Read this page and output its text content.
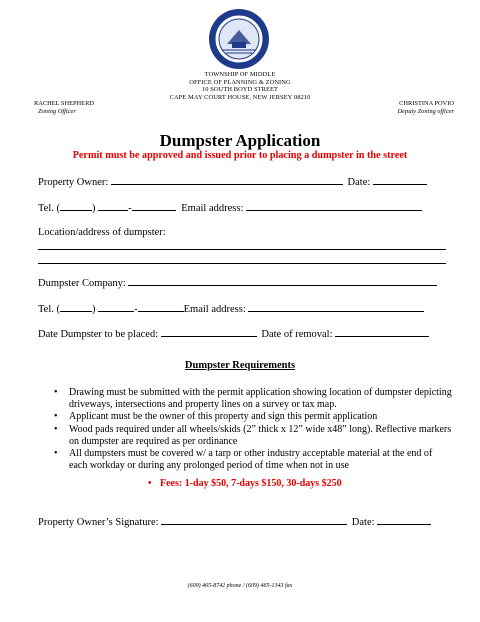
TOWNSHIP OF MIDDLE
OFFICE OF PLANNING & ZONING
10 SOUTH BOYD STREET
CAPE MAY COURT HOUSE, NEW JERSEY 08210
RACHEL SHEPHERD
Zoning Officer
CHRISTINA POVIO
Deputy Zoning officer
Dumpster Application
Permit must be approved and issued prior to placing a dumpster in the street
Property Owner:	Date:
Tel. (	)	-	Email address:
Location/address of dumpster:
Dumpster Company:
Tel. (	)	-	Email address:
Date Dumpster to be placed:	Date of removal:
Dumpster Requirements
• Drawing must be submitted with the permit application showing location of dumpster depicting driveways, intersections and property lines on a survey or tax map.
• Applicant must be the owner of this property and sign this permit application
• Wood pads required under all wheels/skids (2” thick x 12” wide x48” long). Reflective markers on dumpster are required as per ordinance
• All dumpsters must be covered w/ a tarp or other industry acceptable material at the end of each workday or during any prolonged period of time when not in use
• Fees: 1-day $50, 7-days $150, 30-days $250
Property Owner’s Signature:	Date:
(609) 465-8742 phone / (609) 465-1343 fax
